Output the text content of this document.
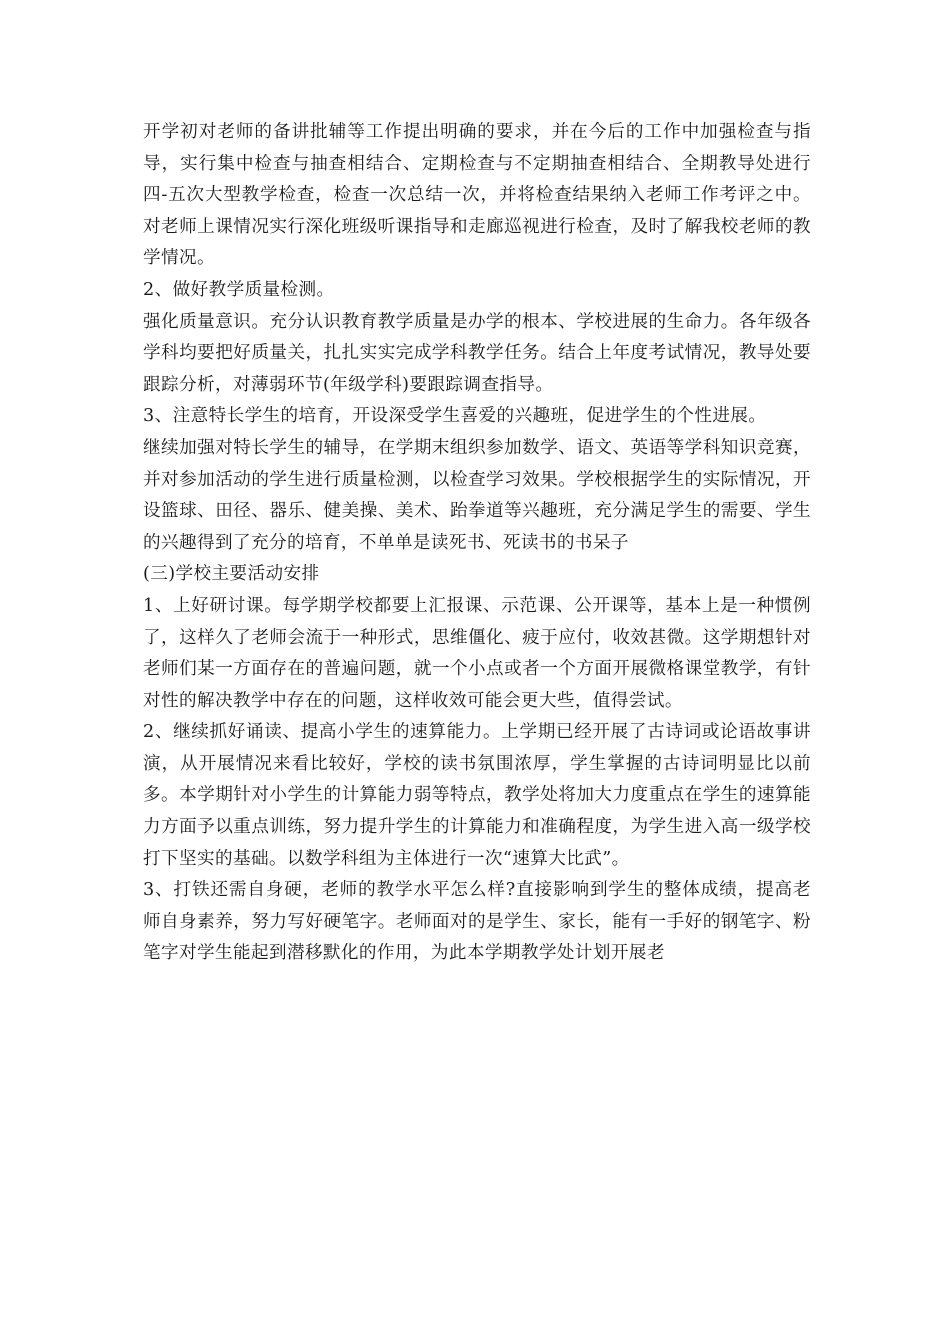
开学初对老师的备讲批辅等工作提出明确的要求，并在今后的工作中加强检查与指导，实行集中检查与抽查相结合、定期检查与不定期抽查相结合、全期教导处进行四-五次大型教学检查，检查一次总结一次，并将检查结果纳入老师工作考评之中。对老师上课情况实行深化班级听课指导和走廊巡视进行检查，及时了解我校老师的教学情况。

2、做好教学质量检测。

强化质量意识。充分认识教育教学质量是办学的根本、学校进展的生命力。各年级各学科均要把好质量关，扎扎实实完成学科教学任务。结合上年度考试情况，教导处要跟踪分析，对薄弱环节(年级学科)要跟踪调查指导。

3、注意特长学生的培育，开设深受学生喜爱的兴趣班，促进学生的个性进展。

继续加强对特长学生的辅导，在学期末组织参加数学、语文、英语等学科知识竞赛，并对参加活动的学生进行质量检测，以检查学习效果。学校根据学生的实际情况，开设篮球、田径、器乐、健美操、美术、跆拳道等兴趣班，充分满足学生的需要、学生的兴趣得到了充分的培育，不单单是读死书、死读书的书呆子

(三)学校主要活动安排

1、上好研讨课。每学期学校都要上汇报课、示范课、公开课等，基本上是一种惯例了，这样久了老师会流于一种形式，思维僵化、疲于应付，收效甚微。这学期想针对老师们某一方面存在的普遍问题，就一个小点或者一个方面开展微格课堂教学，有针对性的解决教学中存在的问题，这样收效可能会更大些，值得尝试。

2、继续抓好诵读、提高小学生的速算能力。上学期已经开展了古诗词或论语故事讲演，从开展情况来看比较好，学校的读书氛围浓厚，学生掌握的古诗词明显比以前多。本学期针对小学生的计算能力弱等特点，教学处将加大力度重点在学生的速算能力方面予以重点训练，努力提升学生的计算能力和准确程度，为学生进入高一级学校打下坚实的基础。以数学科组为主体进行一次“速算大比武”。

3、打铁还需自身硬，老师的教学水平怎么样?直接影响到学生的整体成绩，提高老师自身素养，努力写好硬笔字。老师面对的是学生、家长，能有一手好的钢笔字、粉笔字对学生能起到潜移默化的作用，为此本学期教学处计划开展老
